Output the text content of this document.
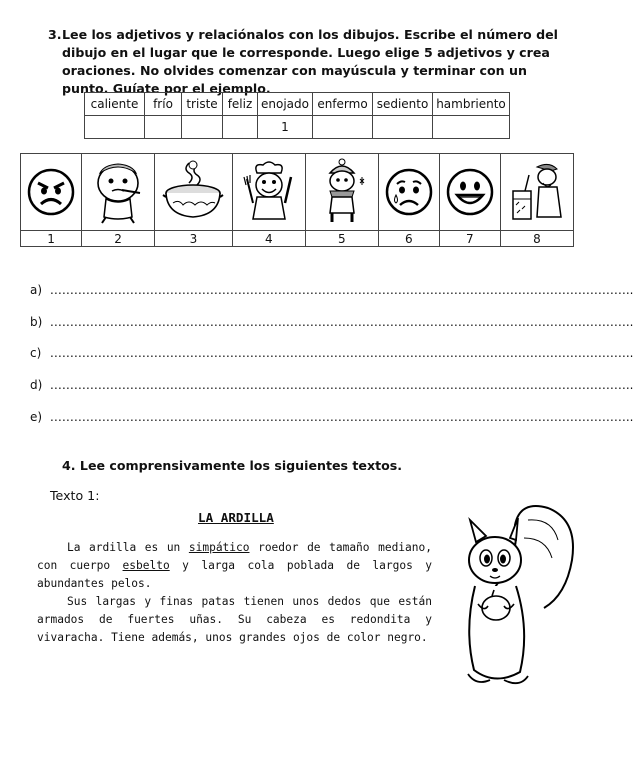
3. Lee los adjetivos y relaciónalos con los dibujos. Escribe el número del dibujo en el lugar que le corresponde. Luego elige 5 adjetivos y crea oraciones. No olvides comenzar con mayúscula y terminar con un punto. Guíate por el ejemplo.
caliente	frío	triste	feliz	enojado	enfermo	sediento	hambriento
				1			

1	2	3	4	5	6	7	8
a) ………………………………………………………………………………………………………………………………..
b) ………………………………………………………………………………………………………………………………..
c) ………………………………………………………………………………………………………………………………..
d) ………………………………………………………………………………………………………………………………..
e) ………………………………………………………………………………………………………………………………..
4. Lee comprensivamente los siguientes textos.
Texto 1:
LA ARDILLA
La ardilla es un simpático roedor de tamaño mediano, con cuerpo esbelto y larga cola poblada de largos y abundantes pelos.
Sus largas y finas patas tienen unos dedos que están armados de fuertes uñas. Su cabeza es redondita y vivaracha. Tiene además, unos grandes ojos de color negro.
